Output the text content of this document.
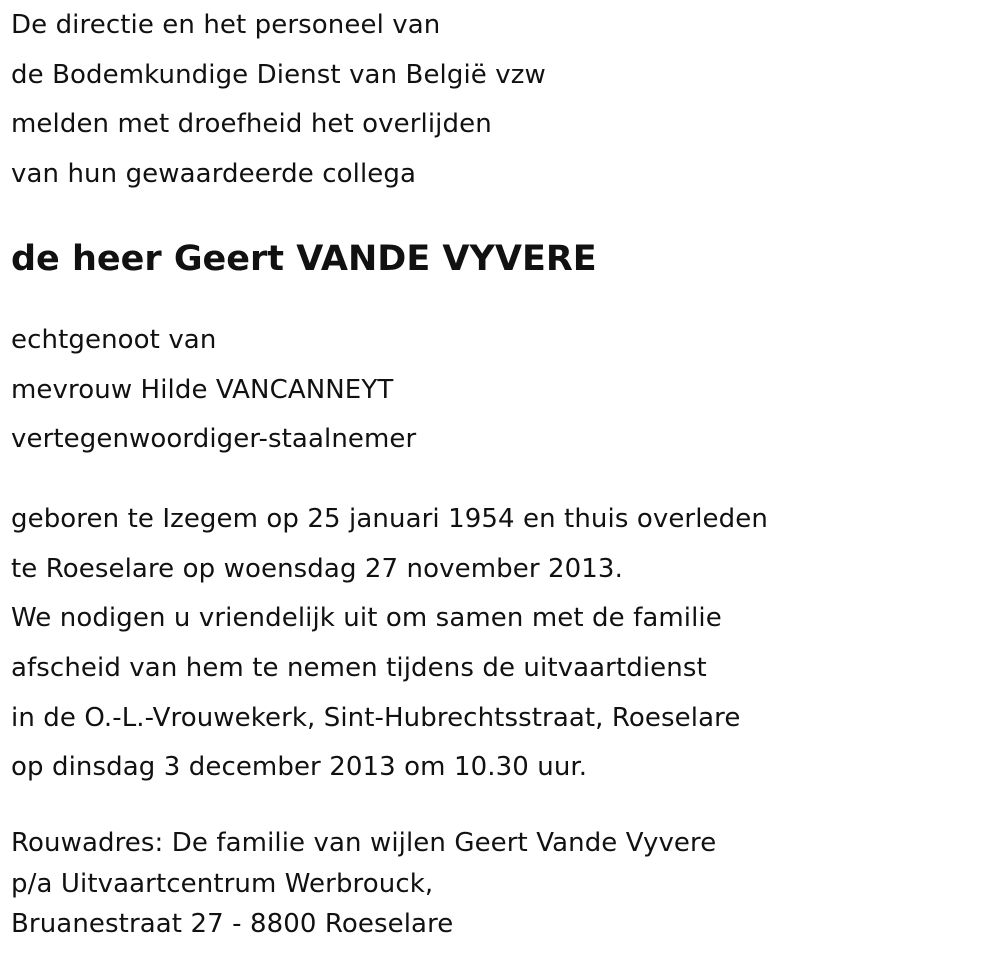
De directie en het personeel van
de Bodemkundige Dienst van België vzw
melden met droefheid het overlijden
van hun gewaardeerde collega
de heer Geert VANDE VYVERE
echtgenoot van
mevrouw Hilde VANCANNEYT
vertegenwoordiger-staalnemer
geboren te Izegem op 25 januari 1954 en thuis overleden
te Roeselare op woensdag 27 november 2013.
We nodigen u vriendelijk uit om samen met de familie
afscheid van hem te nemen tijdens de uitvaartdienst
in de O.-L.-Vrouwekerk, Sint-Hubrechtsstraat, Roeselare
op dinsdag 3 december 2013 om 10.30 uur.
Rouwadres: De familie van wijlen Geert Vande Vyvere
p/a Uitvaartcentrum Werbrouck,
Bruanestraat 27 - 8800 Roeselare
